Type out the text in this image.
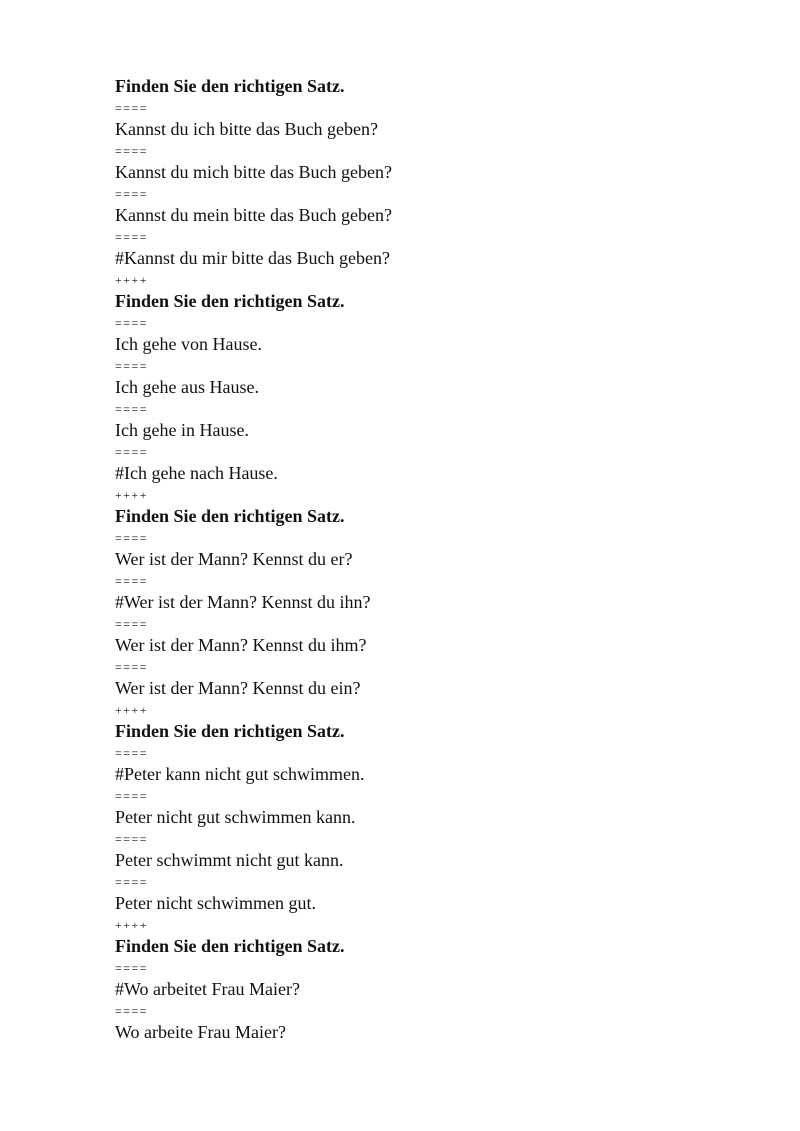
Finden Sie den richtigen Satz.
====
Kannst du ich bitte das Buch geben?
====
Kannst du mich bitte das Buch geben?
====
Kannst du mein bitte das Buch geben?
====
#Kannst du mir bitte das Buch geben?
++++
Finden Sie den richtigen Satz.
====
Ich gehe von Hause.
====
Ich gehe aus Hause.
====
Ich gehe in Hause.
====
#Ich gehe nach Hause.
++++
Finden Sie den richtigen Satz.
====
Wer ist der Mann? Kennst du er?
====
#Wer ist der Mann? Kennst du ihn?
====
Wer ist der Mann? Kennst du ihm?
====
Wer ist der Mann? Kennst du ein?
++++
Finden Sie den richtigen Satz.
====
#Peter kann nicht gut schwimmen.
====
Peter nicht gut schwimmen kann.
====
Peter schwimmt nicht gut kann.
====
Peter nicht schwimmen gut.
++++
Finden Sie den richtigen Satz.
====
#Wo arbeitet Frau Maier?
====
Wo arbeite Frau Maier?
